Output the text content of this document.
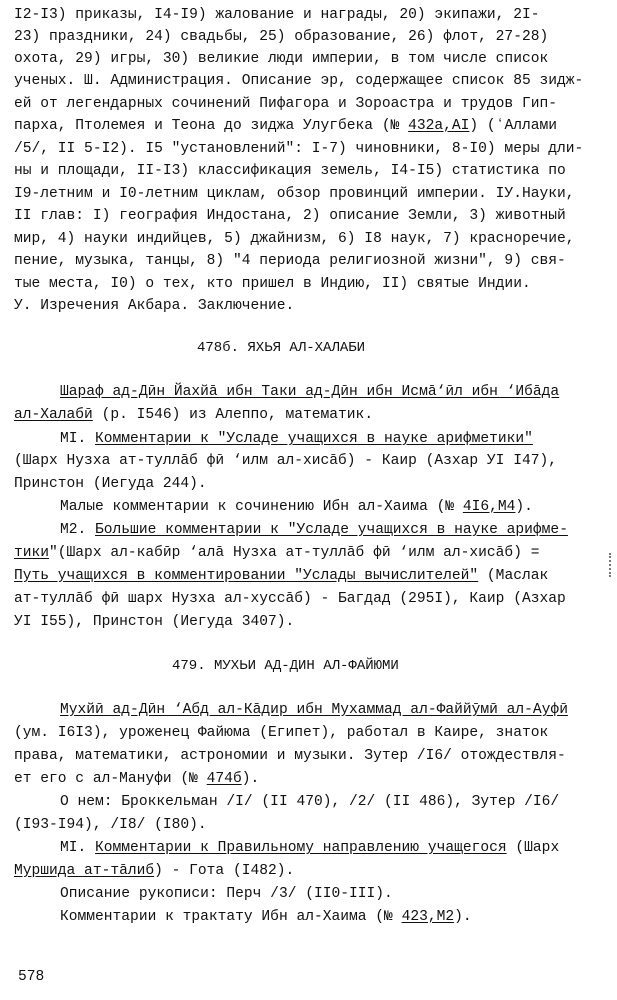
I2-I3) приказы, I4-I9) жалование и награды, 20) экипажи, 2I-
23) праздники, 24) свадьбы, 25) образование, 26) флот, 27-28)
охота, 29) игры, 30) великие люди империи, в том числе список
ученых. Ш. Администрация. Описание эр, содержащее список 85 зидж-
ей от легендарных сочинений Пифагора и Зороастра и трудов Гип-
парха, Птолемея и Теона до зиджа Улугбека (№ 432а,АI) (ʻАллами
/5/, II 5-I2). I5 "установлений": I-7) чиновники, 8-I0) меры дли-
ны и площади, II-I3) классификация земель, I4-I5) статистика по
I9-летним и I0-летним циклам, обзор провинций империи. IУ.Науки,
II глав: I) география Индостана, 2) описание Земли, 3) животный
мир, 4) науки индийцев, 5) джайнизм, 6) I8 наук, 7) красноречие,
пение, музыка, танцы, 8) "4 периода религиозной жизни", 9) свя-
тые места, I0) о тех, кто пришел в Индию, II) святые Индии.
У. Изречения Акбара. Заключение.
478б. ЯХЬЯ АЛ-ХАЛАБИ
Шараф ад-Дӣн Йахйā ибн Таки ад-Дӣн ибн Исмā‘ӣл ибн ‘Ибāда
ал-Халабӣ (р. I546) из Алеппо, математик.
MI. Комментарии к "Усладе учащихся в науке арифметики"
(Шарх Нузха ат-туллāб фӣ ‘илм ал-хисāб) - Каир (Азхар УI I47),
Принстон (Иегуда 244).
Малые комментарии к сочинению Ибн ал-Хаима (№ 4I6,М4).
M2. Большие комментарии к "Усладе учащихся в науке арифме-
тики"(Шарх ал-кабӣр ‘алā Нузха ат-туллāб фӣ ‘илм ал-хисāб) =
Путь учащихся в комментировании "Услады вычислителей" (Маслак
ат-туллāб фӣ шарх Нузха ал-хуссāб) - Багдад (295I), Каир (Азхар
УI I55), Принстон (Иегуда 3407).
479. МУХЬИ АД-ДИН АЛ-ФАЙЮМИ
Мухйӣ ад-Дӣн ‘Абд ал-Кāдир ибн Мухаммад ал-Файйӯмӣ ал-Ауфӣ
(ум. I6I3), уроженец Файюма (Египет), работал в Каире, знаток
права, математики, астрономии и музыки. Зутер /I6/ отождествля-
ет его с ал-Мануфи (№ 474б).
О нем: Броккельман /I/ (II 470), /2/ (II 486), Зутер /I6/
(I93-I94), /I8/ (I80).
MI. Комментарии к Правильному направлению учащегося (Шарх
Муршида ат-тāлиб) - Гота (I482).
Описание рукописи: Перч /3/ (II0-III).
Комментарии к трактату Ибн ал-Хаима (№ 423,М2).
578
